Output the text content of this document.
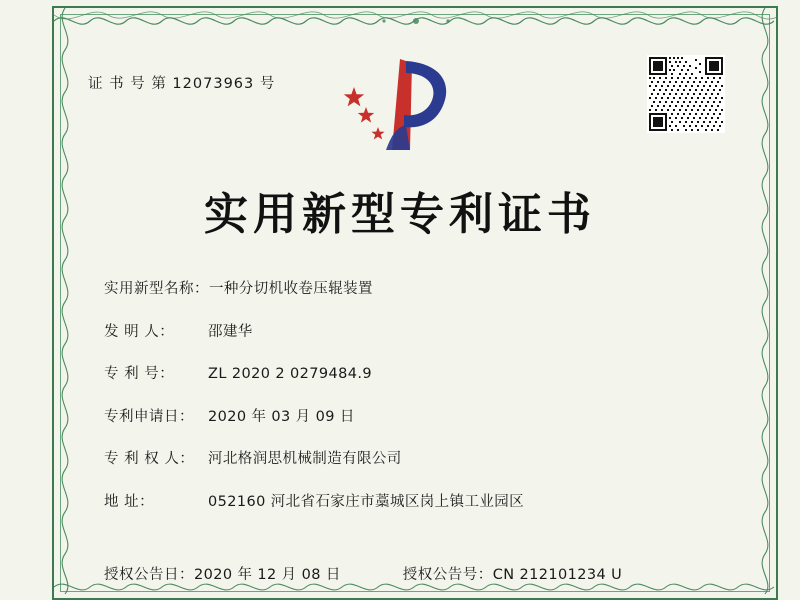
证 书 号 第 12073963 号
实用新型专利证书
实用新型名称： 一种分切机收卷压辊装置
发 明 人：	邵建华
专 利 号：	ZL 2020 2 0279484.9
专利申请日： 2020 年 03 月 09 日
专 利 权 人： 河北格润思机械制造有限公司
地 址：	052160 河北省石家庄市藁城区岗上镇工业园区
授权公告日：2020 年 12 月 08 日	授权公告号：CN 212101234 U
